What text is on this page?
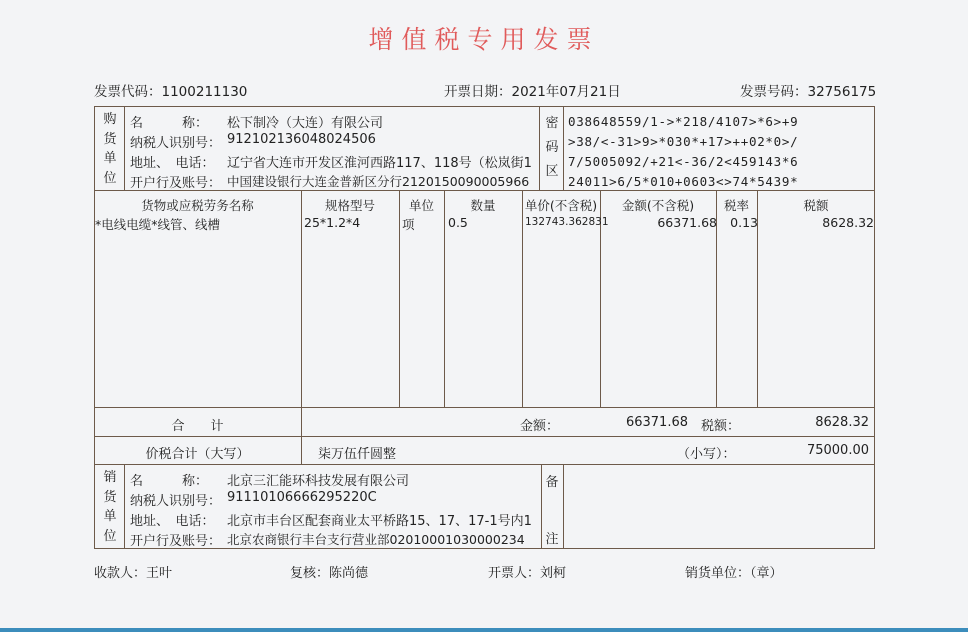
增值税专用发票
发票代码：1100211130	开票日期：2021年07月21日	发票号码：32756175
购
货
单
位
名　　　称： 松下制冷（大连）有限公司
纳税人识别号： 912102136048024506
地址、　电话： 辽宁省大连市开发区淮河西路117、118号（松岚街1
开户行及账号： 中国建设银行大连金普新区分行2120150090005966
密
码
区
038648559/1->*218/4107>*6>+9
>38/<-31>9>*030*+17>++02*0>/
7/5005092/+21<-36/2<459143*6
24011>6/5*010+0603<>74*5439*
货物或应税劳务名称	规格型号	单位	数量	单价(不含税)	金额(不含税)	税率	税额
*电线电缆*线管、线槽	25*1.2*4	项	0.5	132743.362831	66371.68	0.13	8628.32
合　　计	金额：	66371.68 税额：	8628.32
价税合计（大写）	柒万伍仟圆整	（小写）：	75000.00
销
货
单
位
名　　　称： 北京三汇能环科技发展有限公司
纳税人识别号： 91110106666295220C
地址、　电话： 北京市丰台区配套商业太平桥路15、17、17-1号内1
开户行及账号： 北京农商银行丰台支行营业部02010001030000234
备
注
收款人：王叶	复核：陈尚德	开票人：刘柯	销货单位：（章）
